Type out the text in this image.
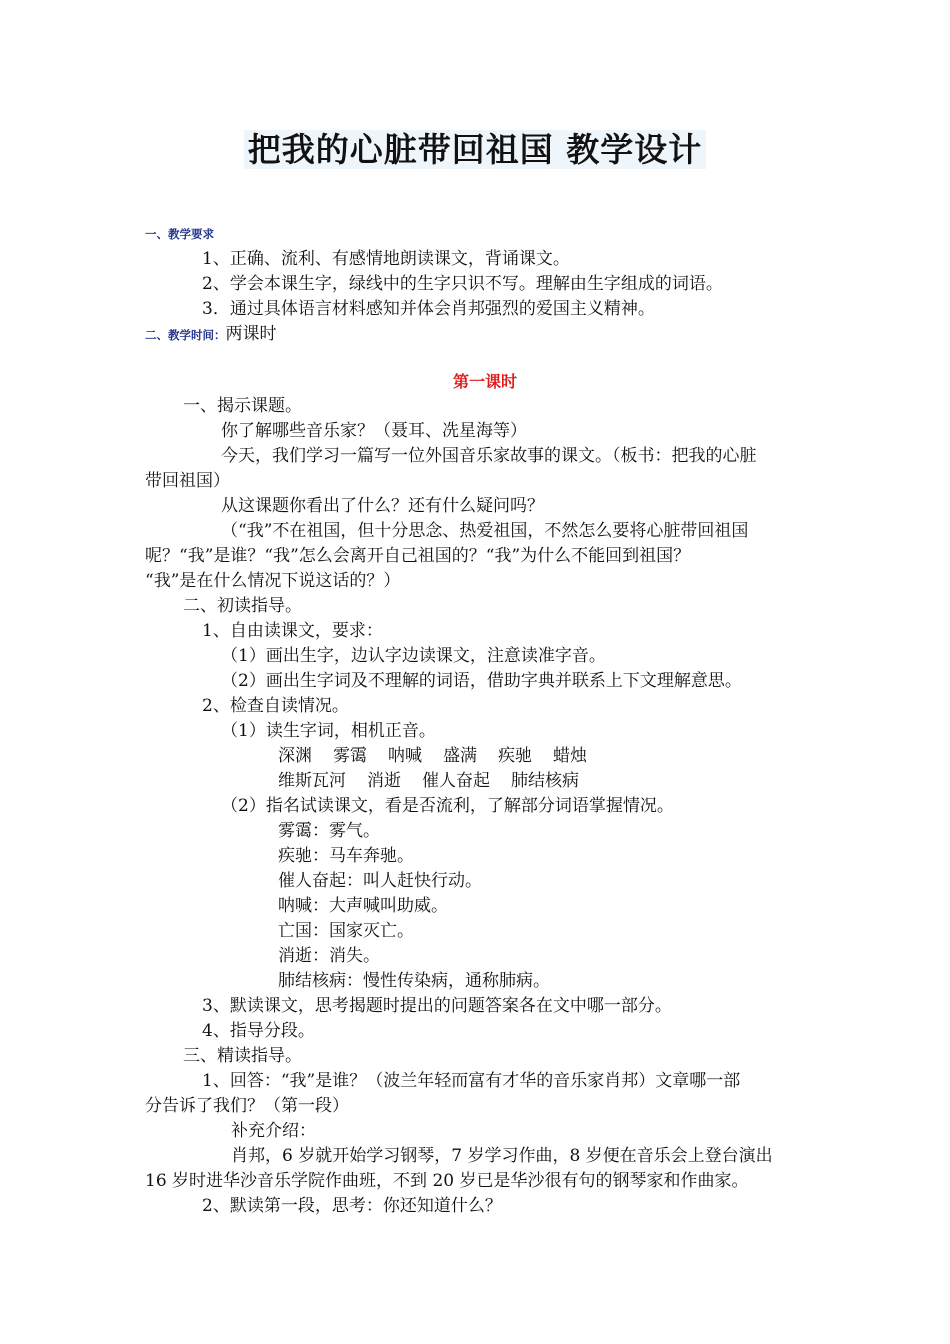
把我的心脏带回祖国 教学设计
一、教学要求
1、正确、流利、有感情地朗读课文，背诵课文。
2、学会本课生字，绿线中的生字只识不写。理解由生字组成的词语。
3．通过具体语言材料感知并体会肖邦强烈的爱国主义精神。
二、教学时间：两课时
第一课时
一、揭示课题。
你了解哪些音乐家？（聂耳、冼星海等）
今天，我们学习一篇写一位外国音乐家故事的课文。（板书：把我的心脏
带回祖国）
从这课题你看出了什么？还有什么疑问吗？
（“我”不在祖国，但十分思念、热爱祖国，不然怎么要将心脏带回祖国
呢？“我”是谁？“我”怎么会离开自己祖国的？“我”为什么不能回到祖国？
“我”是在什么情况下说这话的？）
二、初读指导。
1、自由读课文，要求：
（1）画出生字，边认字边读课文，注意读准字音。
（2）画出生字词及不理解的词语，借助字典并联系上下文理解意思。
2、检查自读情况。
（1）读生字词，相机正音。
深渊 雾霭 呐喊 盛满 疾驰 蜡烛
维斯瓦河 消逝 催人奋起 肺结核病
（2）指名试读课文，看是否流利，了解部分词语掌握情况。
雾霭：雾气。
疾驰：马车奔驰。
催人奋起：叫人赶快行动。
呐喊：大声喊叫助威。
亡国：国家灭亡。
消逝：消失。
肺结核病：慢性传染病，通称肺病。
3、默读课文，思考揭题时提出的问题答案各在文中哪一部分。
4、指导分段。
三、精读指导。
1、回答：“我”是谁？（波兰年轻而富有才华的音乐家肖邦）文章哪一部
分告诉了我们？（第一段）
补充介绍：
肖邦，6 岁就开始学习钢琴，7 岁学习作曲，8 岁便在音乐会上登台演出
16 岁时进华沙音乐学院作曲班，不到 20 岁已是华沙很有句的钢琴家和作曲家。
2、默读第一段，思考：你还知道什么？
